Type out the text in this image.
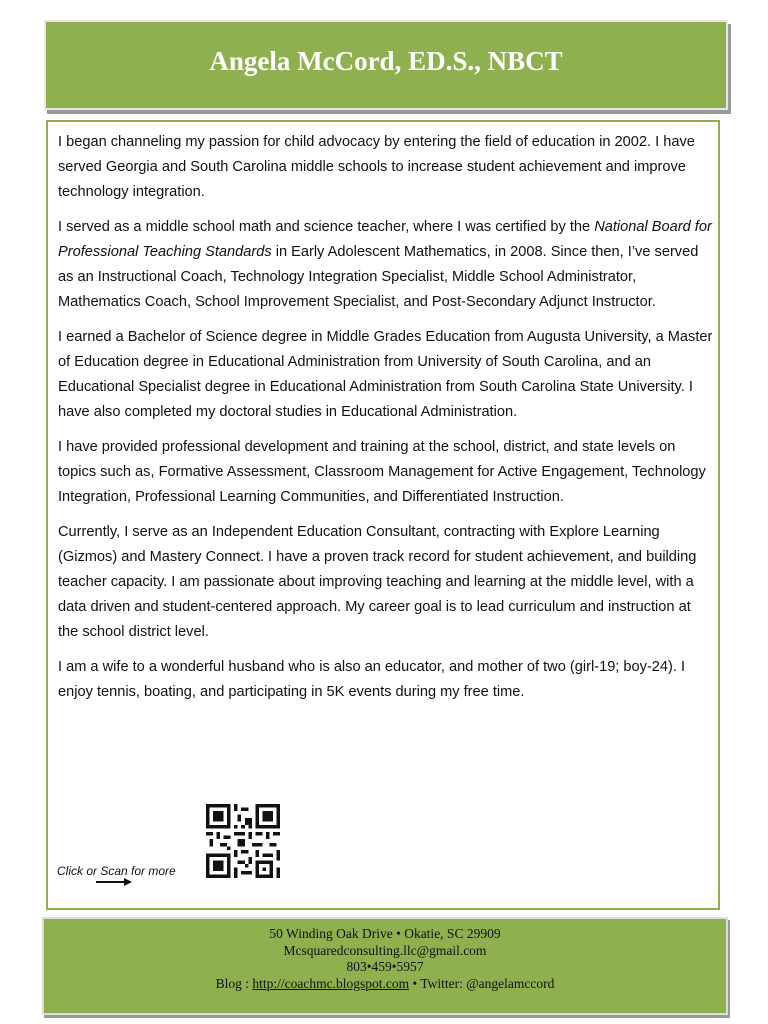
Angela McCord, ED.S., NBCT

I began channeling my passion for child advocacy by entering the field of education in 2002. I have served Georgia and South Carolina middle schools to increase student achievement and improve technology integration.

I served as a middle school math and science teacher, where I was certified by the National Board for Professional Teaching Standards in Early Adolescent Mathematics, in 2008. Since then, I’ve served as an Instructional Coach, Technology Integration Specialist, Middle School Administrator, Mathematics Coach, School Improvement Specialist, and Post-Secondary Adjunct Instructor.

I earned a Bachelor of Science degree in Middle Grades Education from Augusta University, a Master of Education degree in Educational Administration from University of South Carolina, and an Educational Specialist degree in Educational Administration from South Carolina State University. I have also completed my doctoral studies in Educational Administration.

I have provided professional development and training at the school, district, and state levels on topics such as, Formative Assessment, Classroom Management for Active Engagement, Technology Integration, Professional Learning Communities, and Differentiated Instruction.

Currently, I serve as an Independent Education Consultant, contracting with Explore Learning (Gizmos) and Mastery Connect. I have a proven track record for student achievement, and building teacher capacity. I am passionate about improving teaching and learning at the middle level, with a data driven and student-centered approach. My career goal is to lead curriculum and instruction at the school district level.

I am a wife to a wonderful husband who is also an educator, and mother of two (girl-19; boy-24). I enjoy tennis, boating, and participating in 5K events during my free time.

Click or Scan for more
50 Winding Oak Drive • Okatie, SC 29909
Mcsquaredconsulting.llc@gmail.com
803•459•5957
Blog : http://coachmc.blogspot.com • Twitter: @angelamccord
